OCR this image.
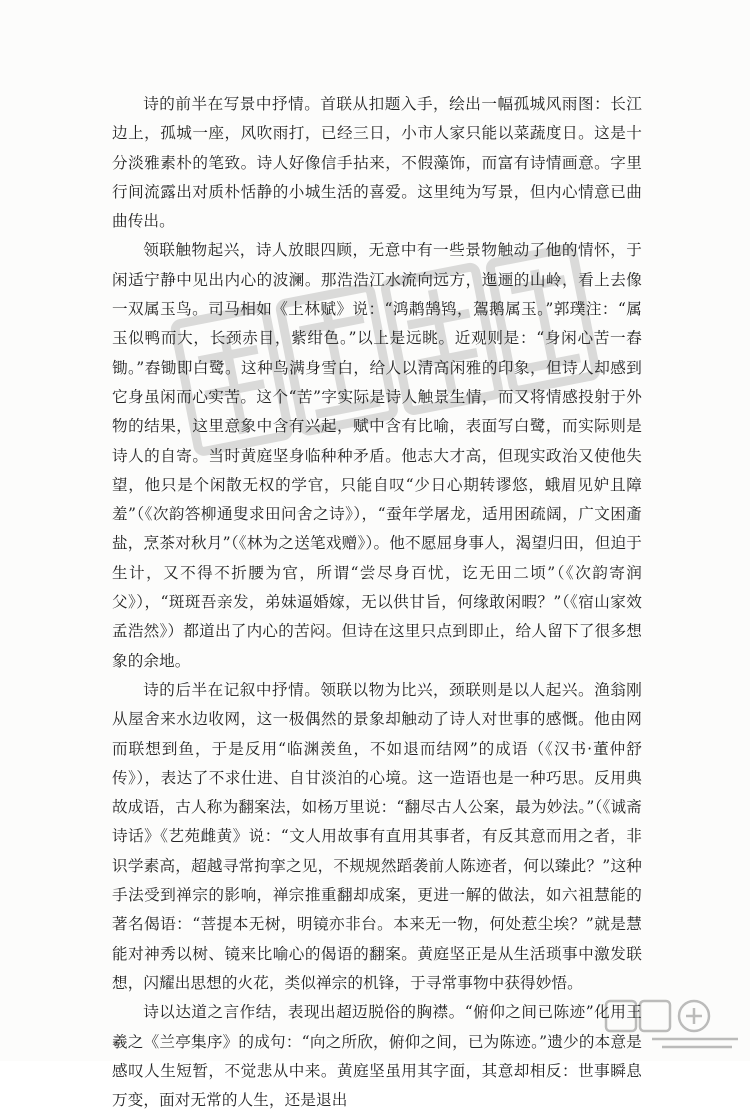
诗的前半在写景中抒情。首联从扣题入手，绘出一幅孤城风雨图：长江边上，孤城一座，风吹雨打，已经三日，小市人家只能以菜蔬度日。这是十分淡雅素朴的笔致。诗人好像信手拈来，不假藻饰，而富有诗情画意。字里行间流露出对质朴恬静的小城生活的喜爱。这里纯为写景，但内心情意已曲曲传出。

领联触物起兴，诗人放眼四顾，无意中有一些景物触动了他的情怀，于闲适宁静中见出内心的波澜。那浩浩江水流向远方，迤逦的山岭，看上去像一双属玉鸟。司马相如《上林赋》说：“鸿鹔鹄鸨，鴐鹅属玉。”郭璞注：“属玉似鸭而大，长颈赤目，紫绀色。”以上是远眺。近观则是：“身闲心苦一舂锄。”舂锄即白鹭。这种鸟满身雪白，给人以清高闲雅的印象，但诗人却感到它身虽闲而心实苦。这个“苦”字实际是诗人触景生情，而又将情感投射于外物的结果，这里意象中含有兴起，赋中含有比喻，表面写白鹭，而实际则是诗人的自寄。当时黄庭坚身临种种矛盾。他志大才高，但现实政治又使他失望，他只是个闲散无权的学官，只能自叹“少日心期转谬悠，蛾眉见妒且障羞”（《次韵答柳通叟求田问舍之诗》），“蚕年学屠龙，适用困疏阔，广文困齑盐，烹茶对秋月”（《林为之送笔戏赠》）。他不愿屈身事人，渴望归田，但迫于生计，又不得不折腰为官，所谓“尝尽身百忧，讫无田二顷”（《次韵寄润父》），“斑斑吾亲发，弟妹逼婚嫁，无以供甘旨，何缘敢闲暇？”（《宿山家效孟浩然》）都道出了内心的苦闷。但诗在这里只点到即止，给人留下了很多想象的余地。

诗的后半在记叙中抒情。领联以物为比兴，颈联则是以人起兴。渔翁刚从屋舍来水边收网，这一极偶然的景象却触动了诗人对世事的感慨。他由网而联想到鱼，于是反用“临渊羡鱼，不如退而结网”的成语（《汉书·董仲舒传》），表达了不求仕进、自甘淡泊的心境。这一造语也是一种巧思。反用典故成语，古人称为翻案法，如杨万里说：“翻尽古人公案，最为妙法。”（《诚斋诗话》《艺苑雌黄》说：“文人用故事有直用其事者，有反其意而用之者，非识学素高，超越寻常拘挛之见，不规规然蹈袭前人陈迹者，何以臻此？”这种手法受到禅宗的影响，禅宗推重翻却成案，更进一解的做法，如六祖慧能的著名偈语：“菩提本无树，明镜亦非台。本来无一物，何处惹尘埃？”就是慧能对神秀以树、镜来比喻心的偈语的翻案。黄庭坚正是从生活琐事中激发联想，闪耀出思想的火花，类似禅宗的机锋，于寻常事物中获得妙悟。

诗以达道之言作结，表现出超迈脱俗的胸襟。“俯仰之间已陈迹”化用王羲之《兰亭集序》的成句：“向之所欣，俯仰之间，已为陈迹。”遗少的本意是感叹人生短暂，不觉悲从中来。黄庭坚虽用其字面，其意却相反：世事瞬息万变，面对无常的人生，还是退出
